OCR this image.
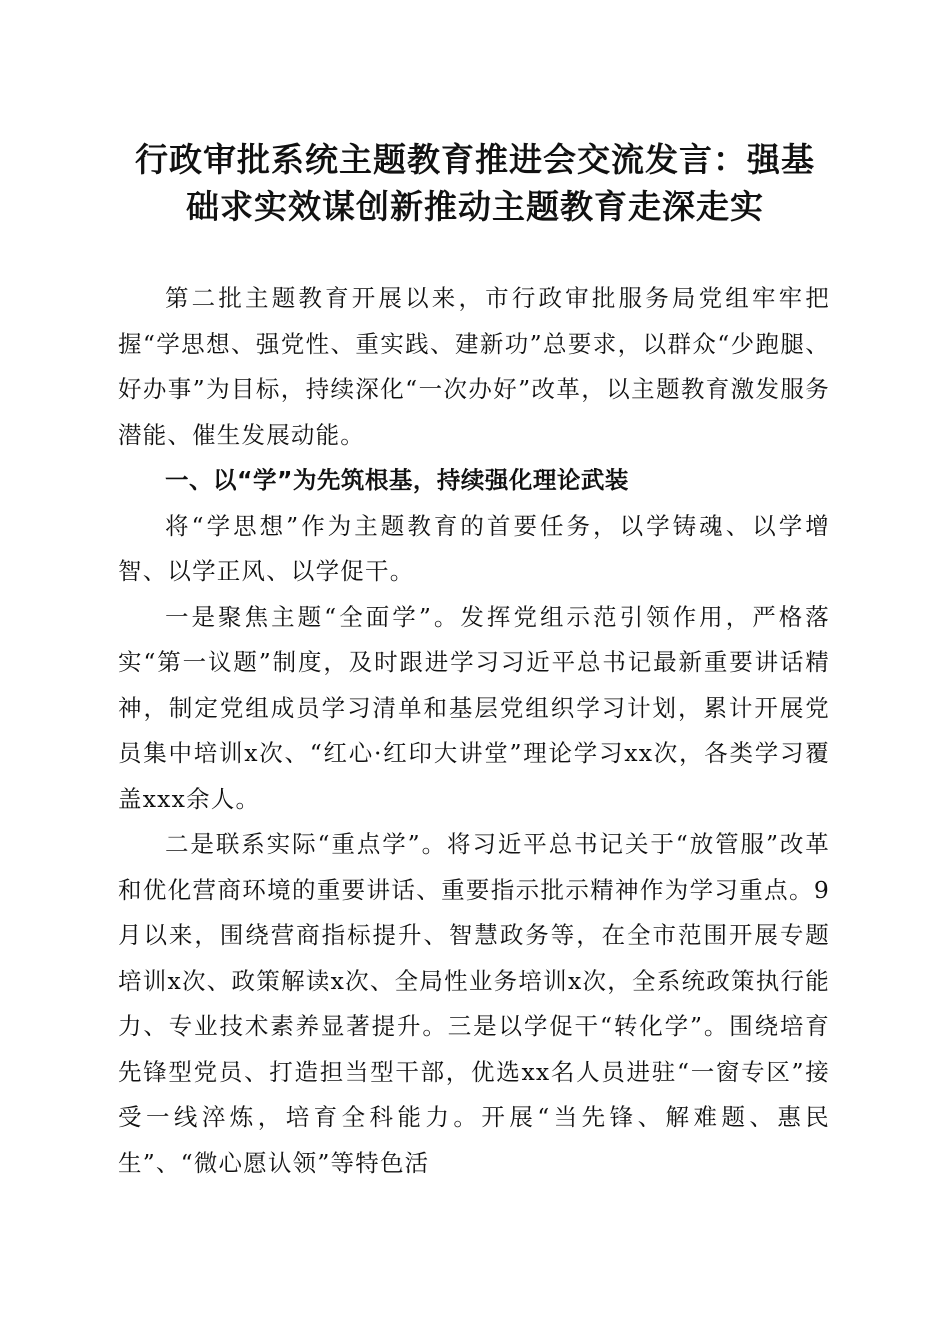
行政审批系统主题教育推进会交流发言：强基
础求实效谋创新推动主题教育走深走实

第二批主题教育开展以来，市行政审批服务局党组牢牢把握“学思想、强党性、重实践、建新功”总要求，以群众“少跑腿、好办事”为目标，持续深化“一次办好”改革，以主题教育激发服务潜能、催生发展动能。

一、以“学”为先筑根基，持续强化理论武装

将“学思想”作为主题教育的首要任务，以学铸魂、以学增智、以学正风、以学促干。

一是聚焦主题“全面学”。发挥党组示范引领作用，严格落实“第一议题”制度，及时跟进学习习近平总书记最新重要讲话精神，制定党组成员学习清单和基层党组织学习计划，累计开展党员集中培训x次、“红心·红印大讲堂”理论学习xx次，各类学习覆盖xxx余人。

二是联系实际“重点学”。将习近平总书记关于“放管服”改革和优化营商环境的重要讲话、重要指示批示精神作为学习重点。9月以来，围绕营商指标提升、智慧政务等，在全市范围开展专题培训x次、政策解读x次、全局性业务培训x次，全系统政策执行能力、专业技术素养显著提升。三是以学促干“转化学”。围绕培育先锋型党员、打造担当型干部，优选xx名人员进驻“一窗专区”接受一线淬炼，培育全科能力。开展“当先锋、解难题、惠民生”、“微心愿认领”等特色活
